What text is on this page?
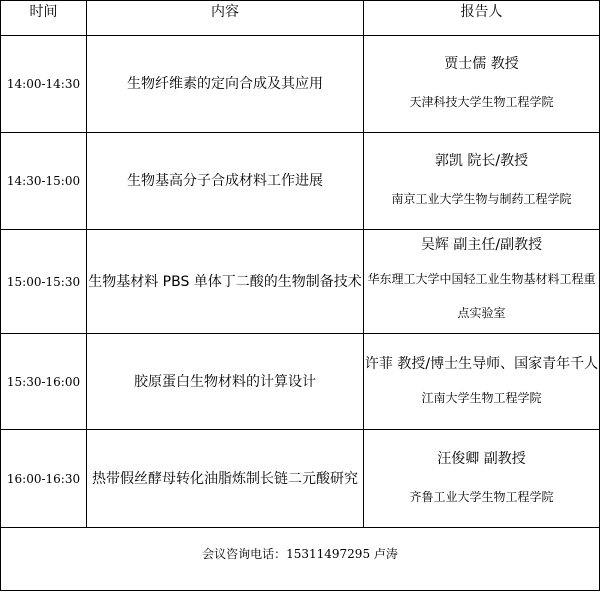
时间	内容	报告人

14:00-14:30	生物纤维素的定向合成及其应用	贾士儒 教授
天津科技大学生物工程学院

14:30-15:00	生物基高分子合成材料工作进展	郭凯 院长/教授
南京工业大学生物与制药工程学院

15:00-15:30	生物基材料 PBS 单体丁二酸的生物制备技术	吴辉 副主任/副教授
华东理工大学中国轻工业生物基材料工程重点实验室

15:30-16:00	胶原蛋白生物材料的计算设计	许菲 教授/博士生导师、国家青年千人
江南大学生物工程学院

16:00-16:30	热带假丝酵母转化油脂炼制长链二元酸研究	汪俊卿 副教授
齐鲁工业大学生物工程学院

会议咨询电话：15311497295 卢涛		
